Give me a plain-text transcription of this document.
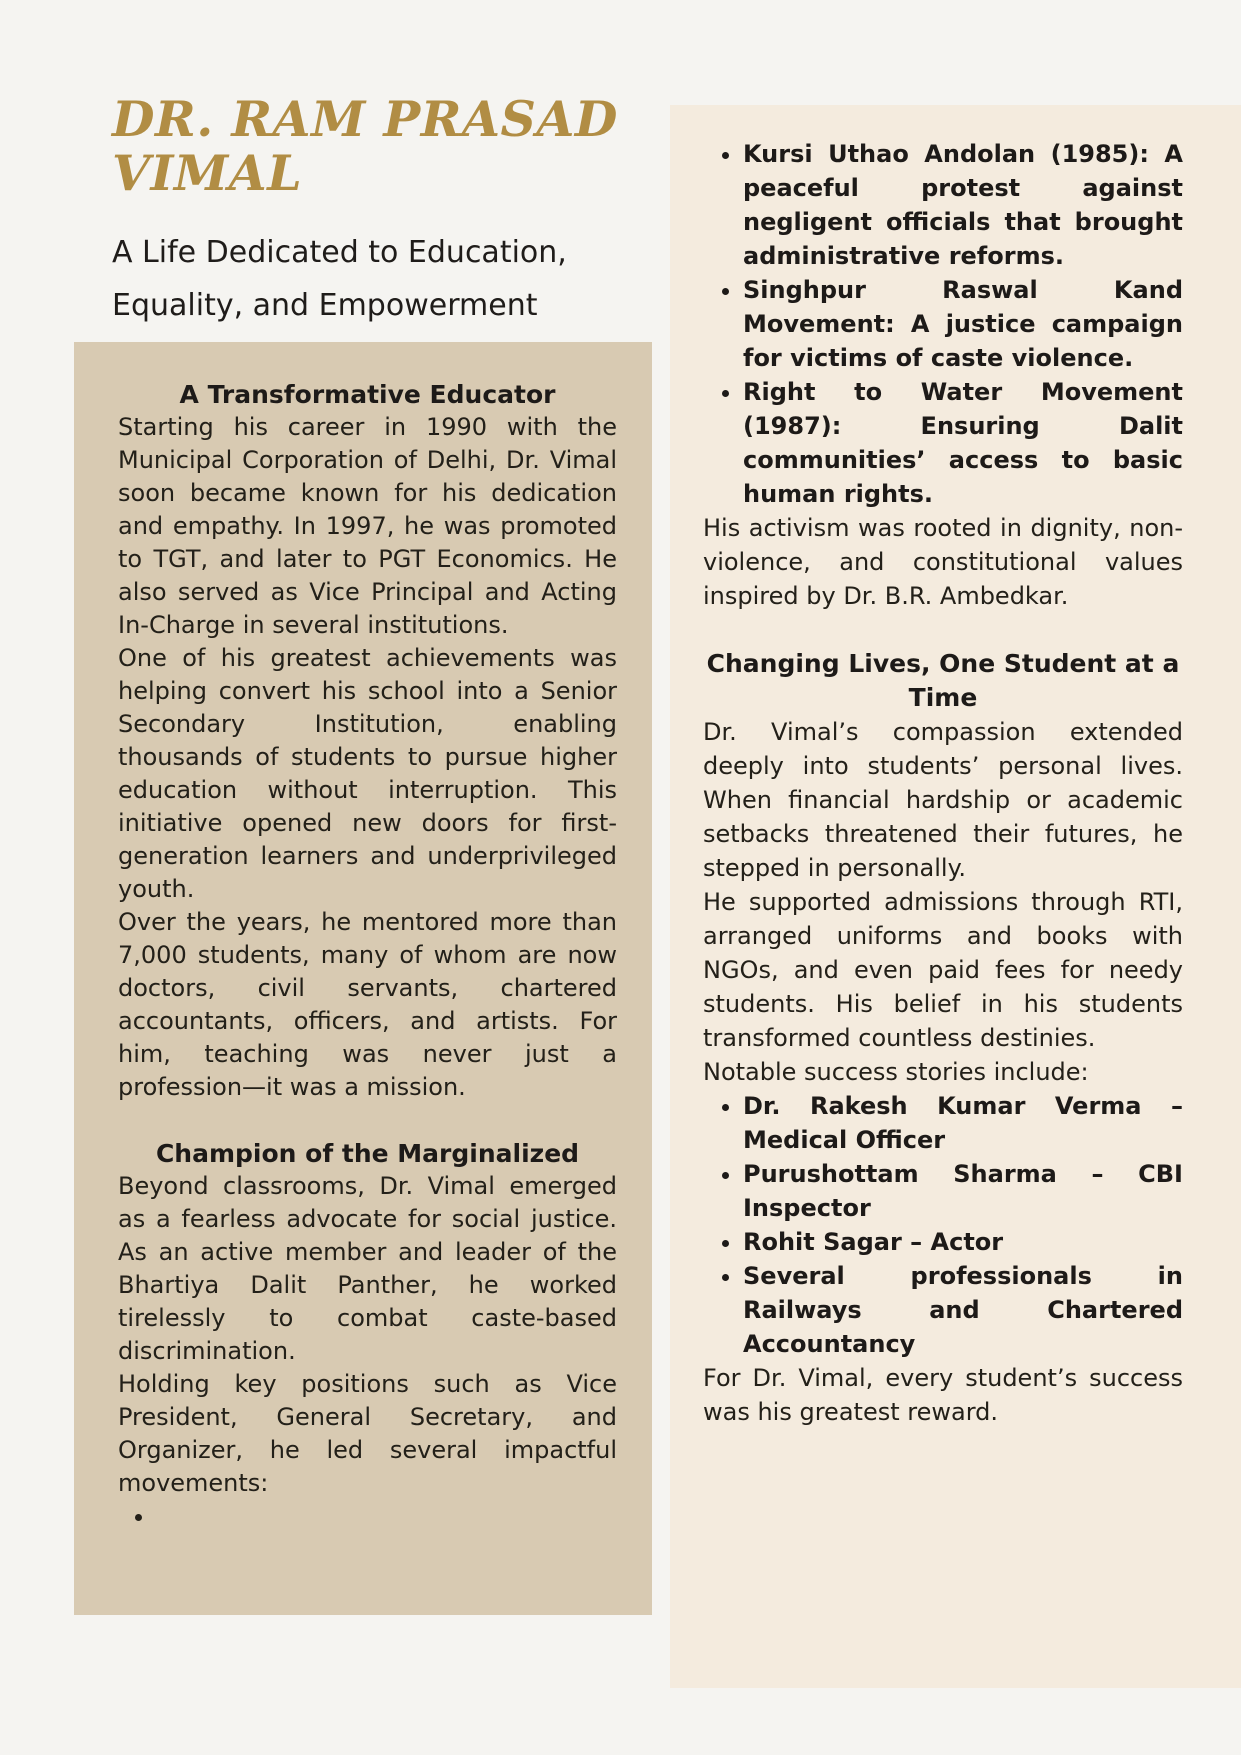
DR. RAM PRASAD
VIMAL

A Life Dedicated to Education,
Equality, and Empowerment

A Transformative Educator

Starting his career in 1990 with the Municipal Corporation of Delhi, Dr. Vimal soon became known for his dedication and empathy. In 1997, he was promoted to TGT, and later to PGT Economics. He also served as Vice Principal and Acting In-Charge in several institutions.

One of his greatest achievements was helping convert his school into a Senior Secondary Institution, enabling thousands of students to pursue higher education without interruption. This initiative opened new doors for first-generation learners and underprivileged youth.

Over the years, he mentored more than 7,000 students, many of whom are now doctors, civil servants, chartered accountants, officers, and artists. For him, teaching was never just a profession—it was a mission.

Champion of the Marginalized

Beyond classrooms, Dr. Vimal emerged as a fearless advocate for social justice. As an active member and leader of the Bhartiya Dalit Panther, he worked tirelessly to combat caste-based discrimination.

Holding key positions such as Vice President, General Secretary, and Organizer, he led several impactful movements:

•
• Kursi Uthao Andolan (1985): A peaceful protest against negligent officials that brought administrative reforms.
• Singhpur Raswal Kand Movement: A justice campaign for victims of caste violence.
• Right to Water Movement (1987): Ensuring Dalit communities’ access to basic human rights.

His activism was rooted in dignity, non-violence, and constitutional values inspired by Dr. B.R. Ambedkar.

Changing Lives, One Student at a Time

Dr. Vimal’s compassion extended deeply into students’ personal lives. When financial hardship or academic setbacks threatened their futures, he stepped in personally.

He supported admissions through RTI, arranged uniforms and books with NGOs, and even paid fees for needy students. His belief in his students transformed countless destinies.

Notable success stories include:

• Dr. Rakesh Kumar Verma – Medical Officer
• Purushottam Sharma – CBI Inspector
• Rohit Sagar – Actor
• Several professionals in Railways and Chartered Accountancy

For Dr. Vimal, every student’s success was his greatest reward.
